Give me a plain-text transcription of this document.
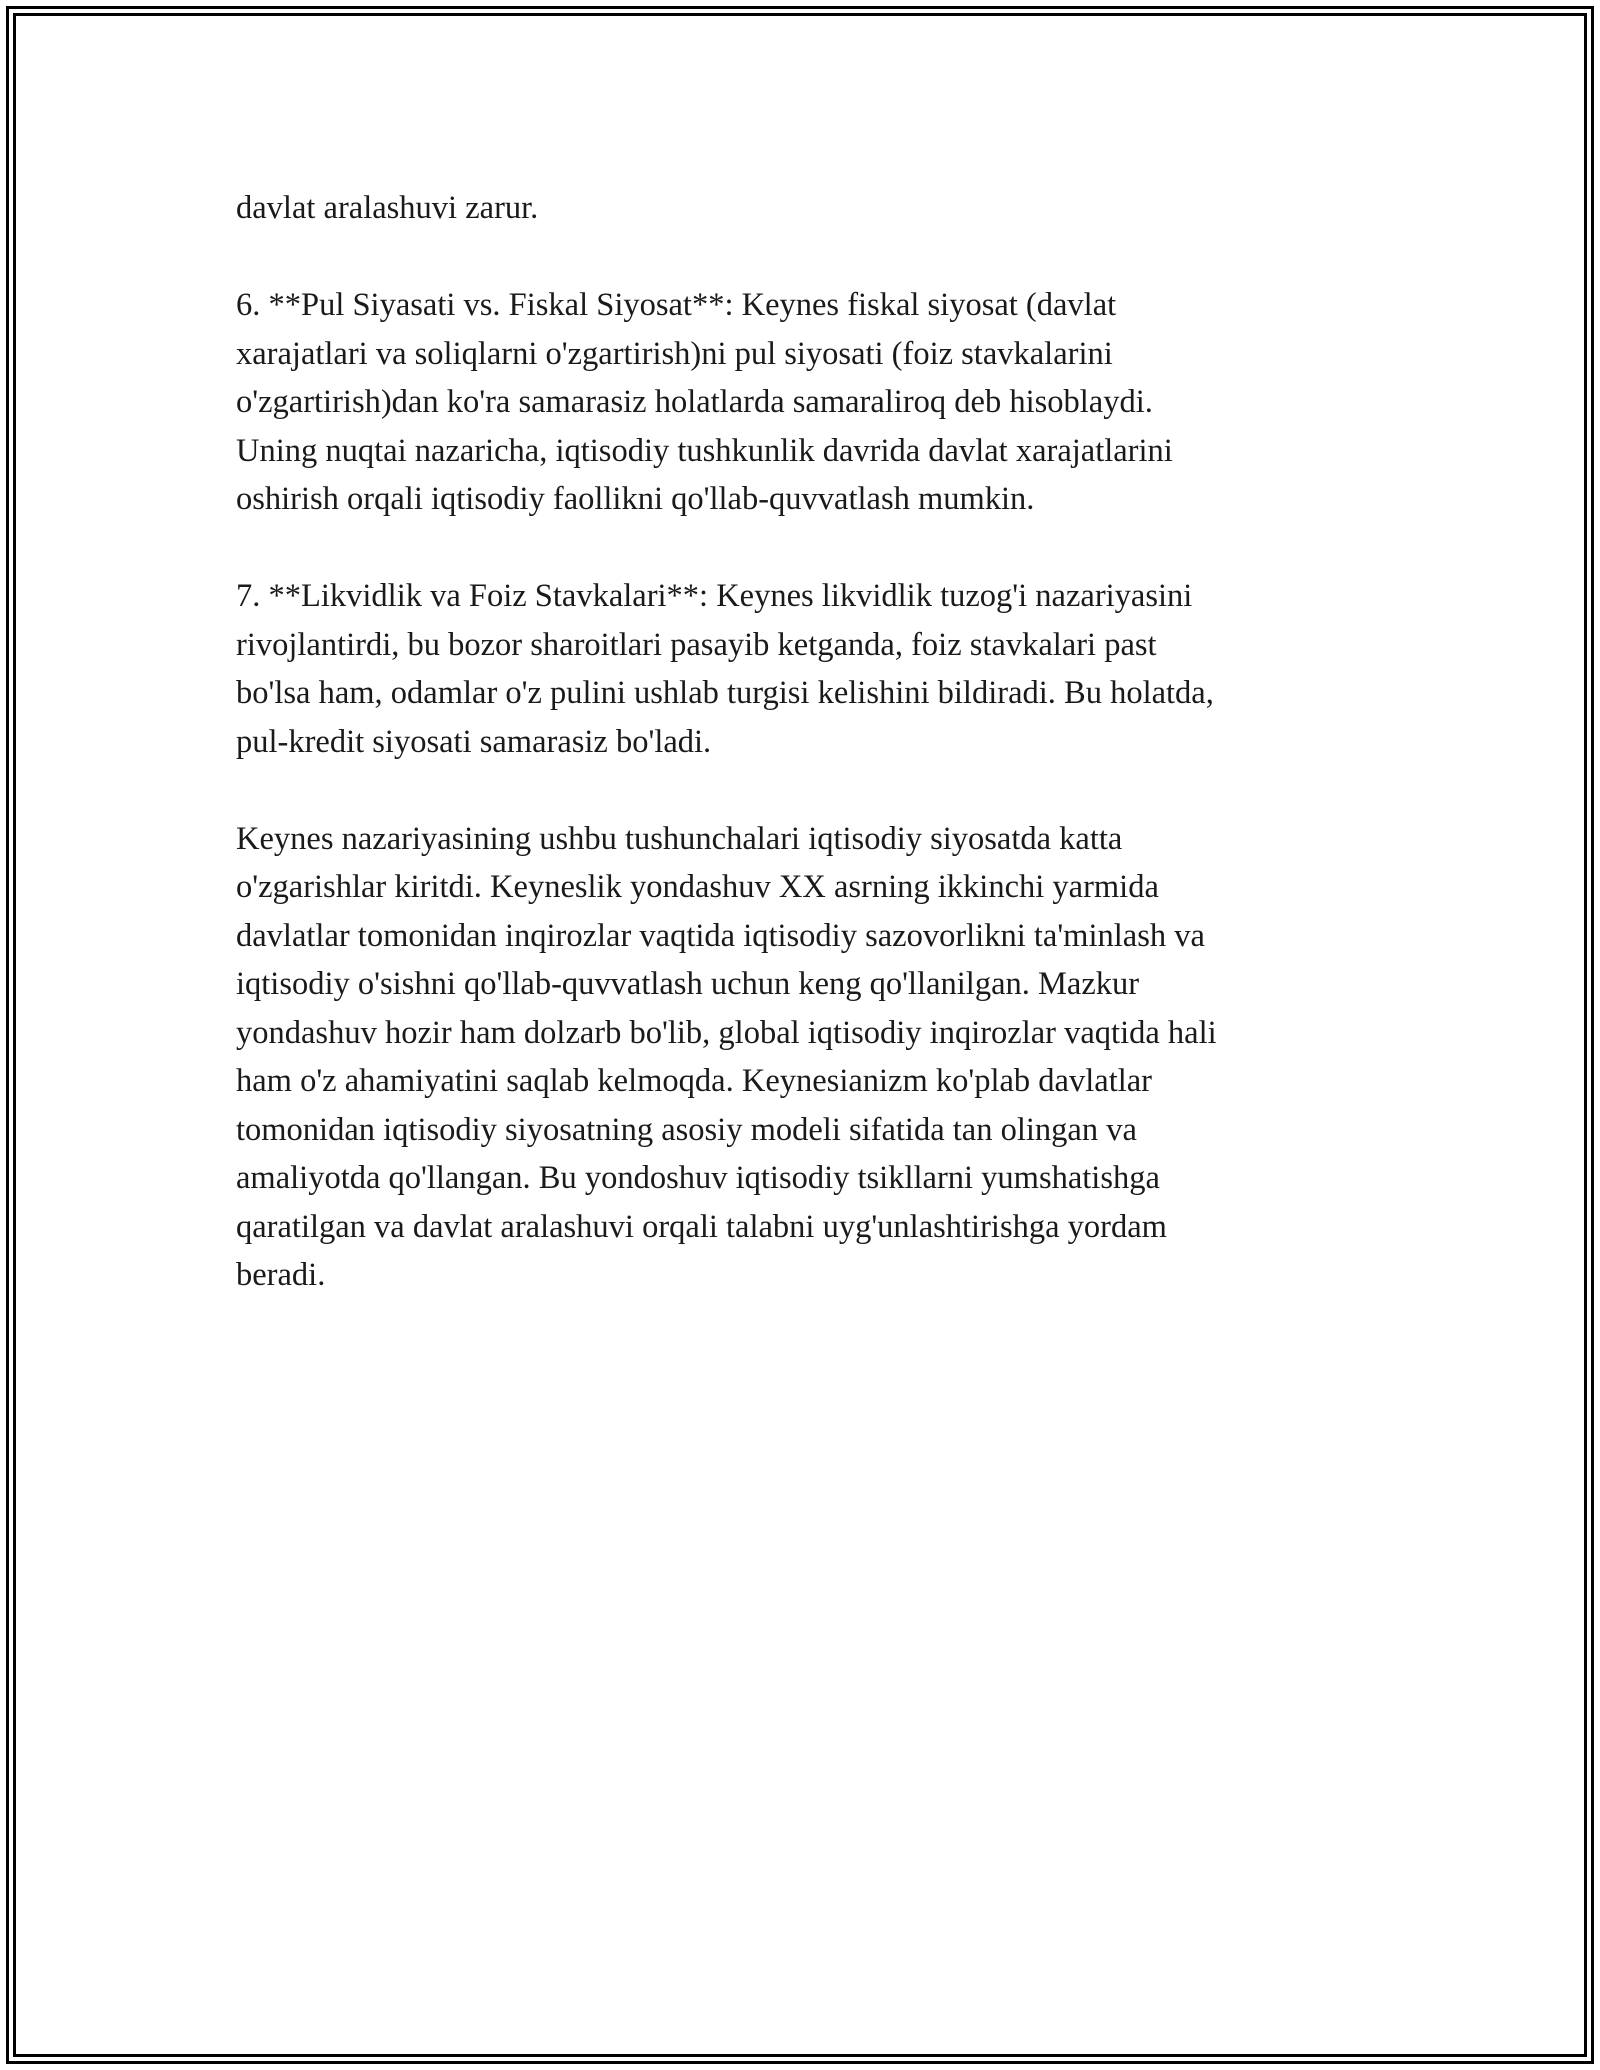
davlat aralashuvi zarur.

6. **Pul Siyasati vs. Fiskal Siyosat**: Keynes fiskal siyosat (davlat
xarajatlari va soliqlarni o'zgartirish)ni pul siyosati (foiz stavkalarini
o'zgartirish)dan ko'ra samarasiz holatlarda samaraliroq deb hisoblaydi.
Uning nuqtai nazaricha, iqtisodiy tushkunlik davrida davlat xarajatlarini
oshirish orqali iqtisodiy faollikni qo'llab-quvvatlash mumkin.

7. **Likvidlik va Foiz Stavkalari**: Keynes likvidlik tuzog'i nazariyasini
rivojlantirdi, bu bozor sharoitlari pasayib ketganda, foiz stavkalari past
bo'lsa ham, odamlar o'z pulini ushlab turgisi kelishini bildiradi. Bu holatda,
pul-kredit siyosati samarasiz bo'ladi.

Keynes nazariyasining ushbu tushunchalari iqtisodiy siyosatda katta
o'zgarishlar kiritdi. Keyneslik yondashuv XX asrning ikkinchi yarmida
davlatlar tomonidan inqirozlar vaqtida iqtisodiy sazovorlikni ta'minlash va
iqtisodiy o'sishni qo'llab-quvvatlash uchun keng qo'llanilgan. Mazkur
yondashuv hozir ham dolzarb bo'lib, global iqtisodiy inqirozlar vaqtida hali
ham o'z ahamiyatini saqlab kelmoqda. Keynesianizm ko'plab davlatlar
tomonidan iqtisodiy siyosatning asosiy modeli sifatida tan olingan va
amaliyotda qo'llangan. Bu yondoshuv iqtisodiy tsikllarni yumshatishga
qaratilgan va davlat aralashuvi orqali talabni uyg'unlashtirishga yordam
beradi.
